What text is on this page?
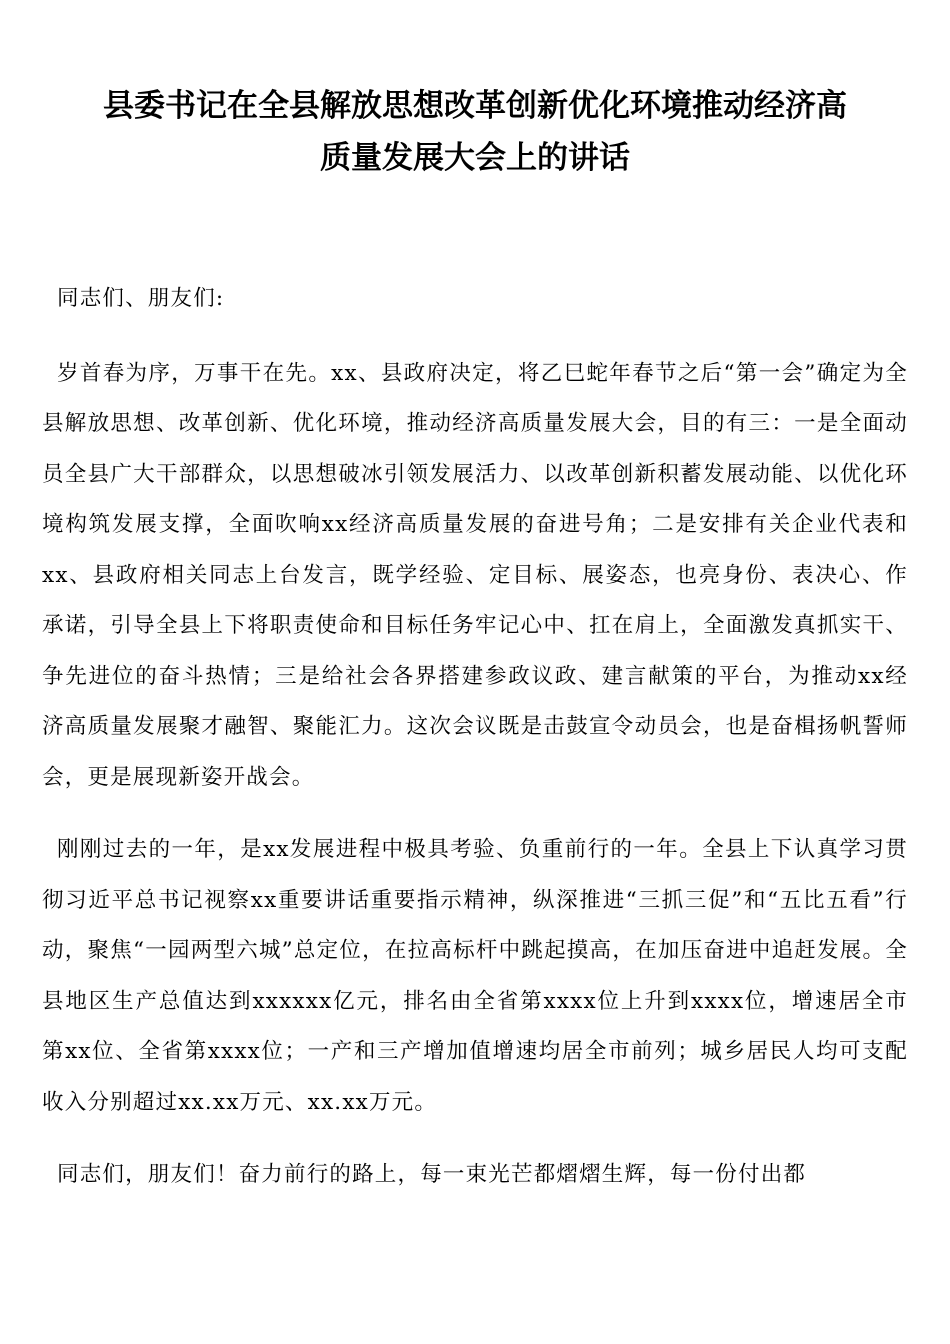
县委书记在全县解放思想改革创新优化环境推动经济高
质量发展大会上的讲话

同志们、朋友们:

岁首春为序，万事干在先。xx、县政府决定，将乙巳蛇年春节之后“第一会”确定为全县解放思想、改革创新、优化环境，推动经济高质量发展大会，目的有三：一是全面动员全县广大干部群众，以思想破冰引领发展活力、以改革创新积蓄发展动能、以优化环境构筑发展支撑，全面吹响xx经济高质量发展的奋进号角；二是安排有关企业代表和xx、县政府相关同志上台发言，既学经验、定目标、展姿态，也亮身份、表决心、作承诺，引导全县上下将职责使命和目标任务牢记心中、扛在肩上，全面激发真抓实干、争先进位的奋斗热情；三是给社会各界搭建参政议政、建言献策的平台，为推动xx经济高质量发展聚才融智、聚能汇力。这次会议既是击鼓宣令动员会，也是奋楫扬帆誓师会，更是展现新姿开战会。

刚刚过去的一年，是xx发展进程中极具考验、负重前行的一年。全县上下认真学习贯彻习近平总书记视察xx重要讲话重要指示精神，纵深推进“三抓三促”和“五比五看”行动，聚焦“一园两型六城”总定位，在拉高标杆中跳起摸高，在加压奋进中追赶发展。全县地区生产总值达到xxxxxx亿元，排名由全省第xxxx位上升到xxxx位，增速居全市第xx位、全省第xxxx位；一产和三产增加值增速均居全市前列；城乡居民人均可支配收入分别超过xx.xx万元、xx.xx万元。

同志们，朋友们！奋力前行的路上，每一束光芒都熠熠生辉，每一份付出都
